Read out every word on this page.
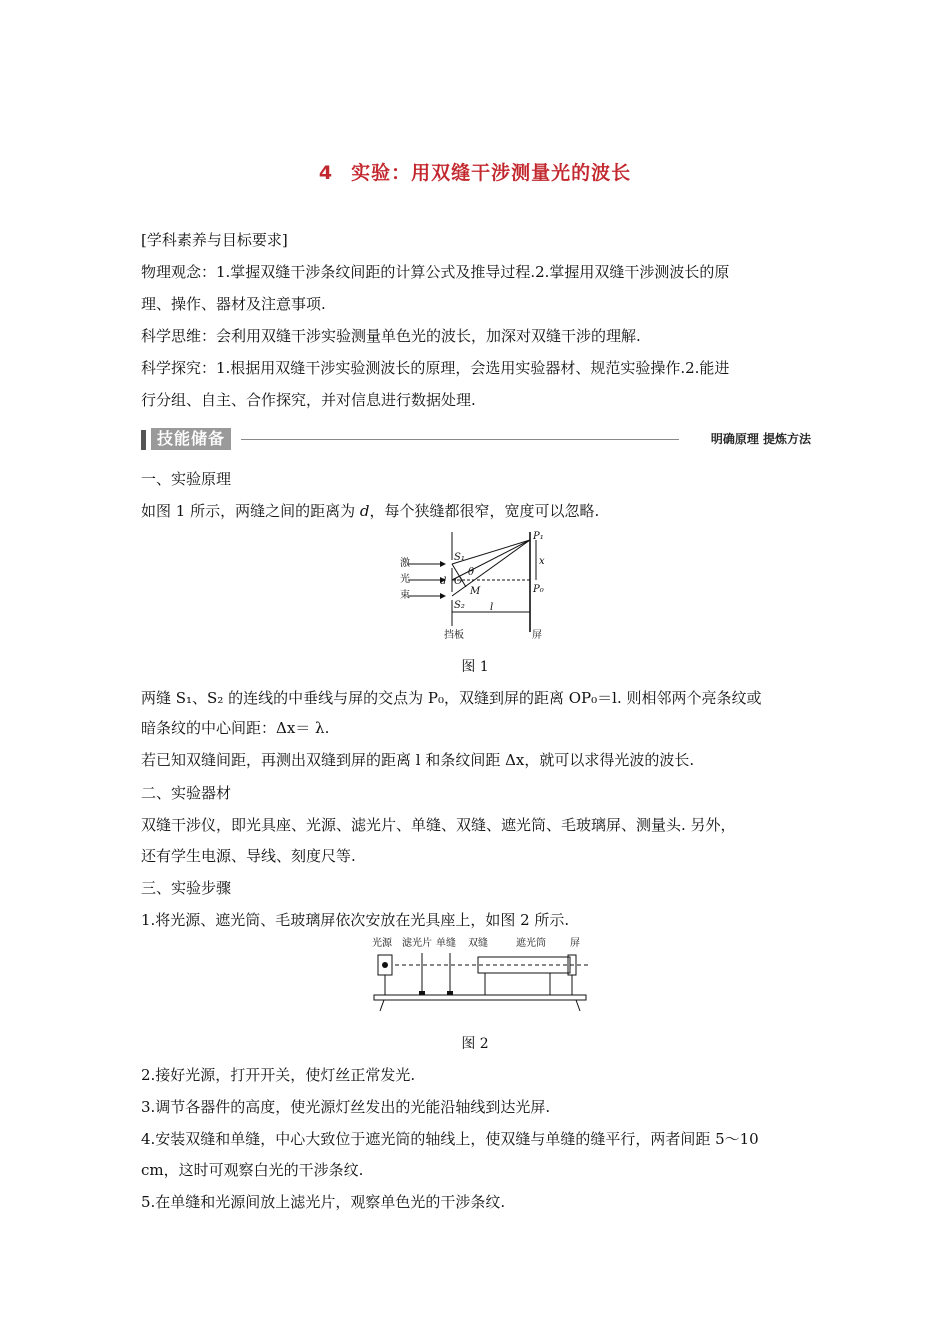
4 实验：用双缝干涉测量光的波长
[学科素养与目标要求]
物理观念：1.掌握双缝干涉条纹间距的计算公式及推导过程.2.掌握用双缝干涉测波长的原
理、操作、器材及注意事项.
科学思维：会利用双缝干涉实验测量单色光的波长，加深对双缝干涉的理解.
科学探究：1.根据用双缝干涉实验测波长的原理，会选用实验器材、规范实验操作.2.能进
行分组、自主、合作探究，并对信息进行数据处理.
技能储备	明确原理 提炼方法
一、实验原理
如图 1 所示，两缝之间的距离为 d，每个狭缝都很窄，宽度可以忽略.
激
光
束
S₁
S₂
d O
θ
M
P₁
P₀
x
l
挡板	屏
图 1
两缝 S₁、S₂ 的连线的中垂线与屏的交点为 P₀，双缝到屏的距离 OP₀＝l. 则相邻两个亮条纹或
暗条纹的中心间距：Δx＝ λ.
若已知双缝间距，再测出双缝到屏的距离 l 和条纹间距 Δx，就可以求得光波的波长.
二、实验器材
双缝干涉仪，即光具座、光源、滤光片、单缝、双缝、遮光筒、毛玻璃屏、测量头. 另外，
还有学生电源、导线、刻度尺等.
三、实验步骤
1.将光源、遮光筒、毛玻璃屏依次安放在光具座上，如图 2 所示.
光源 滤光片 单缝 双缝	遮光筒 屏
图 2
2.接好光源，打开开关，使灯丝正常发光.
3.调节各器件的高度，使光源灯丝发出的光能沿轴线到达光屏.
4.安装双缝和单缝，中心大致位于遮光筒的轴线上，使双缝与单缝的缝平行，两者间距 5～10
cm，这时可观察白光的干涉条纹.
5.在单缝和光源间放上滤光片，观察单色光的干涉条纹.
